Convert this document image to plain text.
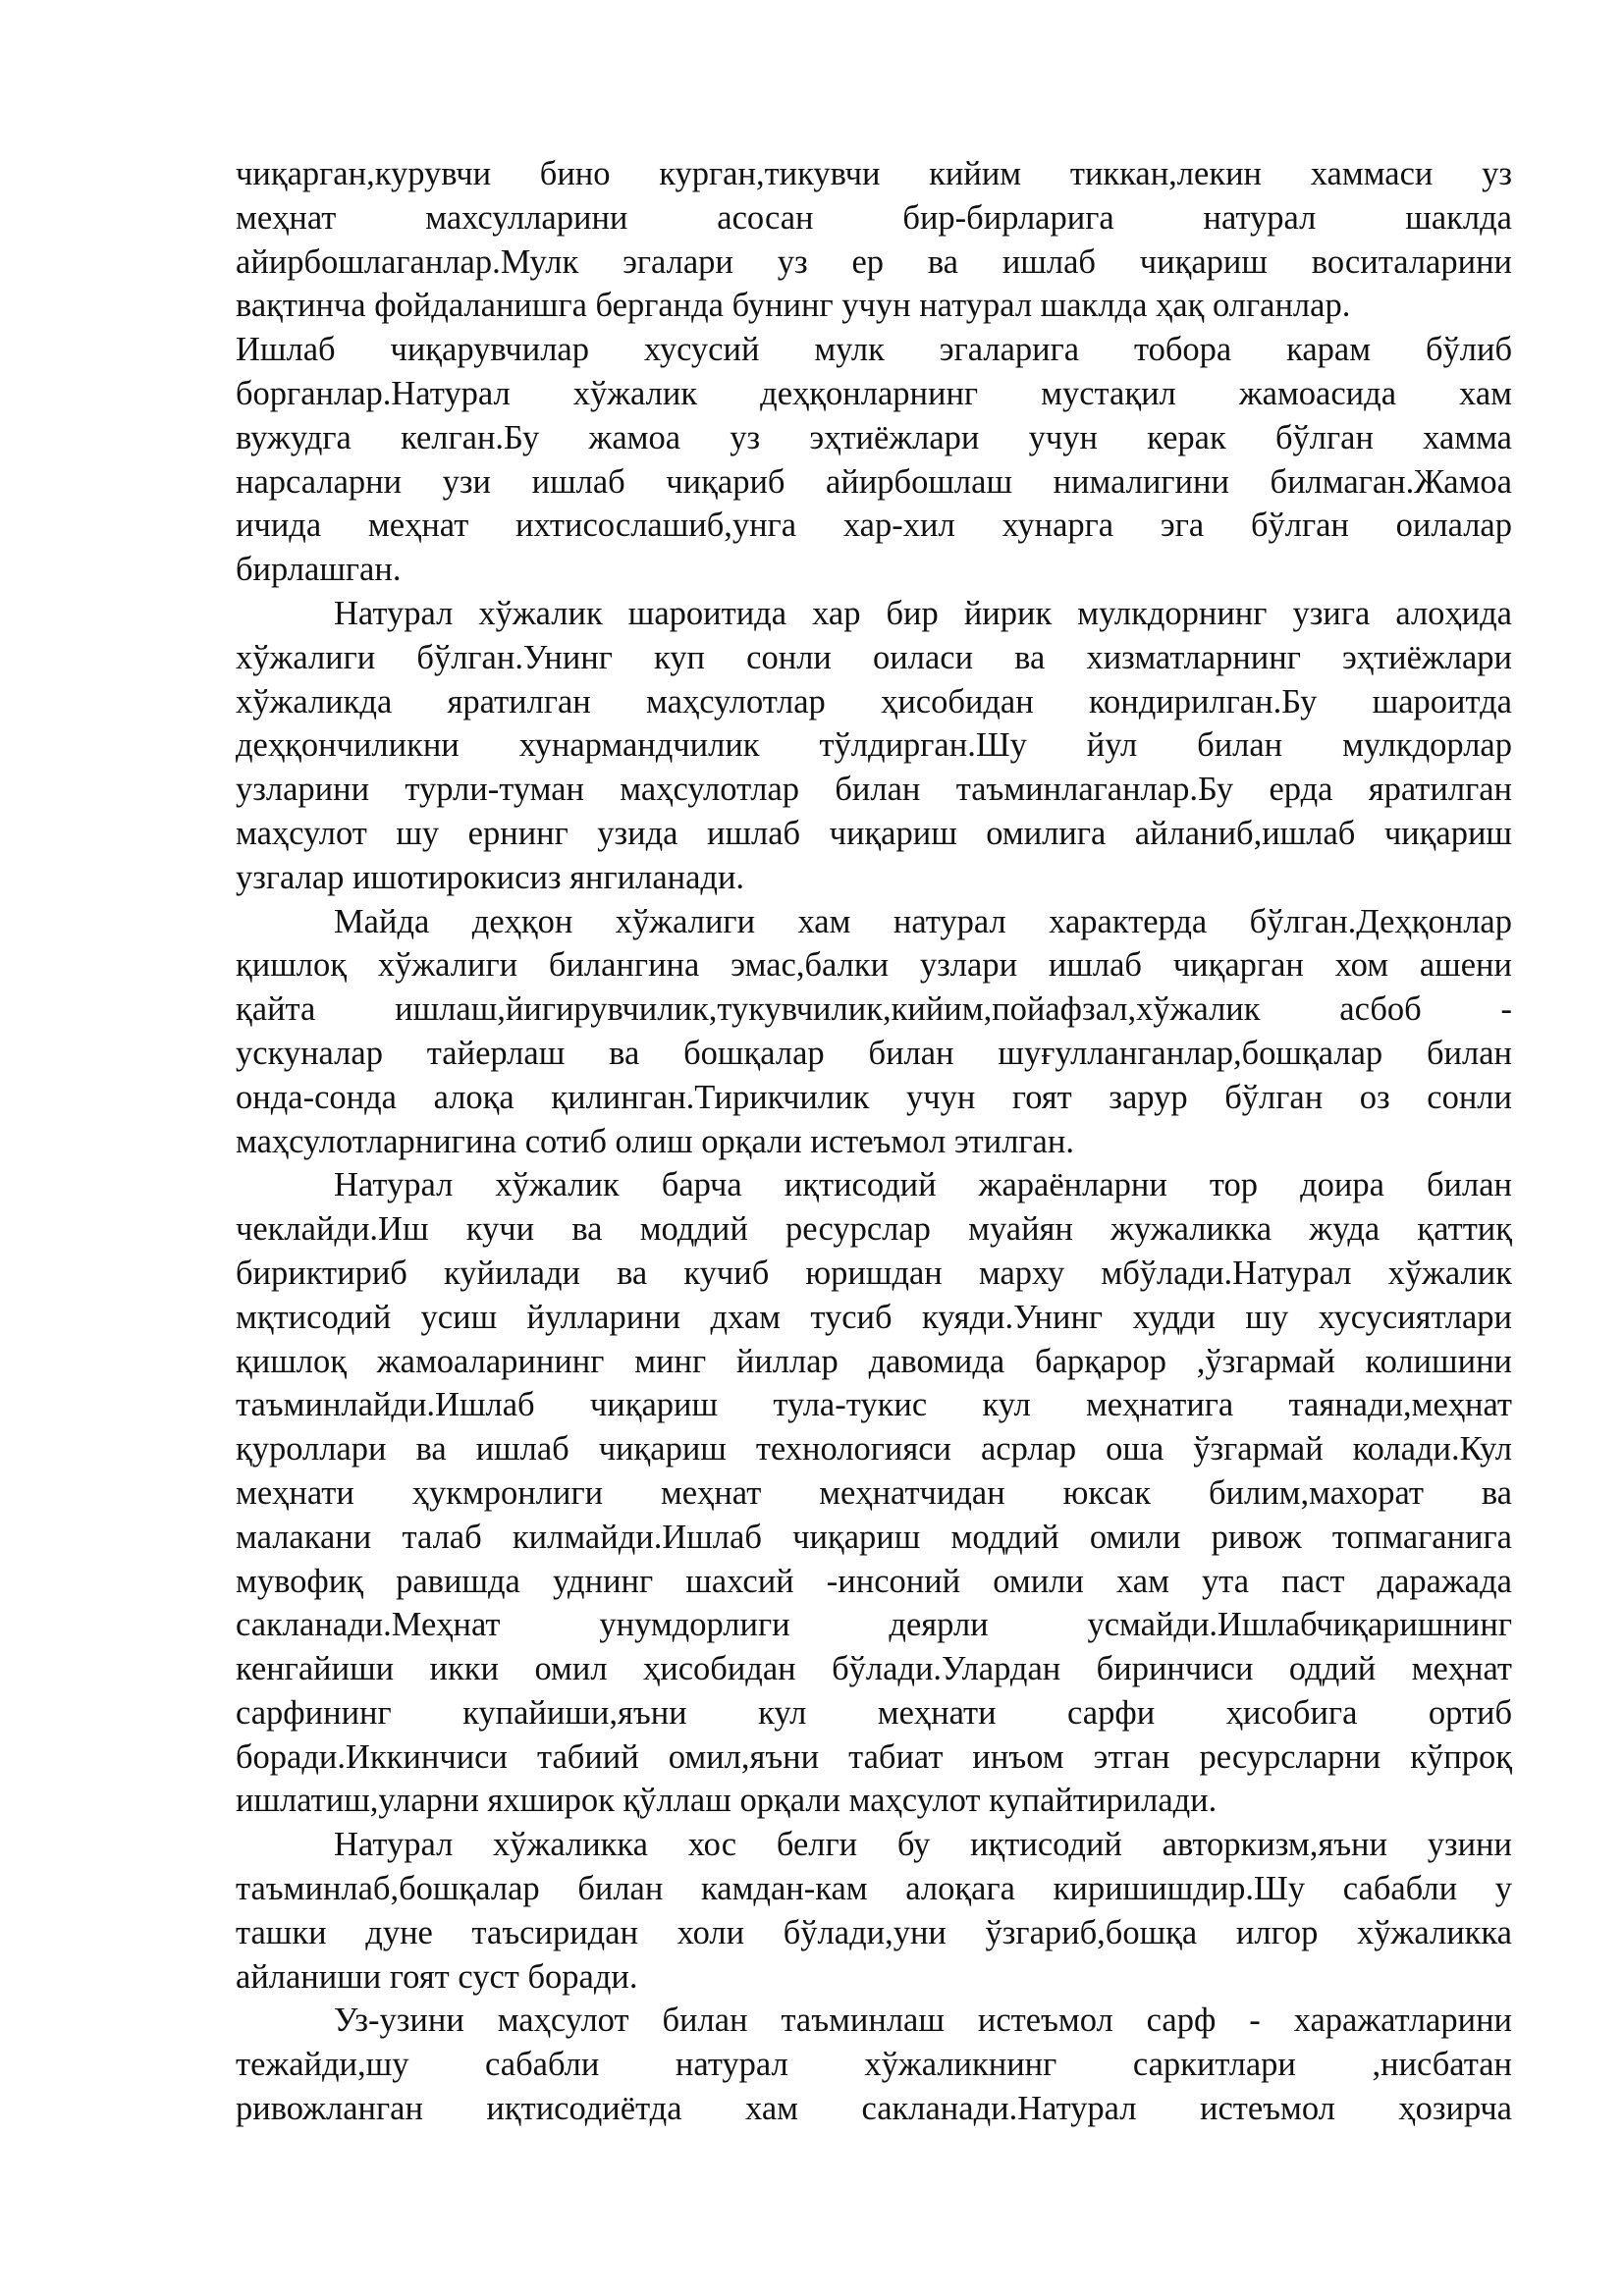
чиқарган,курувчи бино курган,тикувчи кийим тиккан,лекин хаммаси уз

меҳнат махсулларини асосан бир-бирларига натурал шаклда

айирбошлаганлар.Мулк эгалари уз ер ва ишлаб чиқариш воситаларини

вақтинча фойдаланишга берганда бунинг учун натурал шаклда ҳақ олганлар.

Ишлаб чиқарувчилар хусусий мулк эгаларига тобора карам бўлиб

борганлар.Натурал хўжалик деҳқонларнинг мустақил жамоасида хам

вужудга келган.Бу жамоа уз эҳтиёжлари учун керак бўлган хамма

нарсаларни узи ишлаб чиқариб айирбошлаш нималигини билмаган.Жамоа

ичида меҳнат ихтисослашиб,унга хар-хил хунарга эга бўлган оилалар

бирлашган.

Натурал хўжалик шароитида хар бир йирик мулкдорнинг узига алоҳида

хўжалиги бўлган.Унинг куп сонли оиласи ва хизматларнинг эҳтиёжлари

хўжаликда яратилган маҳсулотлар ҳисобидан кондирилган.Бу шароитда

деҳқончиликни хунармандчилик тўлдирган.Шу йул билан мулкдорлар

узларини турли-туман маҳсулотлар билан таъминлаганлар.Бу ерда яратилган

маҳсулот шу ернинг узида ишлаб чиқариш омилига айланиб,ишлаб чиқариш

узгалар ишотирокисиз янгиланади.

Майда деҳқон хўжалиги хам натурал характерда бўлган.Деҳқонлар

қишлоқ хўжалиги билангина эмас,балки узлари ишлаб чиқарган хом ашени

қайта ишлаш,йигирувчилик,тукувчилик,кийим,пойафзал,хўжалик асбоб -

ускуналар тайерлаш ва бошқалар билан шуғулланганлар,бошқалар билан

онда-сонда алоқа қилинган.Тирикчилик учун гоят зарур бўлган оз сонли

маҳсулотларнигина сотиб олиш орқали истеъмол этилган.

Натурал хўжалик барча иқтисодий жараёнларни тор доира билан

чеклайди.Иш кучи ва моддий ресурслар муайян жужаликка жуда қаттиқ

бириктириб куйилади ва кучиб юришдан марху мбўлади.Натурал хўжалик

мқтисодий усиш йулларини дхам тусиб куяди.Унинг худди шу хусусиятлари

қишлоқ жамоаларининг минг йиллар давомида барқарор ,ўзгармай колишини

таъминлайди.Ишлаб чиқариш тула-тукис кул меҳнатига таянади,меҳнат

қуроллари ва ишлаб чиқариш технологияси асрлар оша ўзгармай колади.Кул

меҳнати ҳукмронлиги меҳнат меҳнатчидан юксак билим,махорат ва

малакани талаб килмайди.Ишлаб чиқариш моддий омили ривож топмаганига

мувофиқ равишда уднинг шахсий -инсоний омили хам ута паст даражада

сакланади.Меҳнат унумдорлиги деярли усмайди.Ишлабчиқаришнинг

кенгайиши икки омил ҳисобидан бўлади.Улардан биринчиси оддий меҳнат

сарфининг купайиши,яъни кул меҳнати сарфи ҳисобига ортиб

боради.Иккинчиси табиий омил,яъни табиат инъом этган ресурсларни кўпроқ

ишлатиш,уларни яхширок қўллаш орқали маҳсулот купайтирилади.

Натурал хўжаликка хос белги бу иқтисодий авторкизм,яъни узини

таъминлаб,бошқалар билан камдан-кам алоқага киришишдир.Шу сабабли у

ташки дуне таъсиридан холи бўлади,уни ўзгариб,бошқа илгор хўжаликка

айланиши гоят суст боради.

Уз-узини маҳсулот билан таъминлаш истеъмол сарф - харажатларини

тежайди,шу сабабли натурал хўжаликнинг саркитлари ,нисбатан

ривожланган иқтисодиётда хам сакланади.Натурал истеъмол ҳозирча
